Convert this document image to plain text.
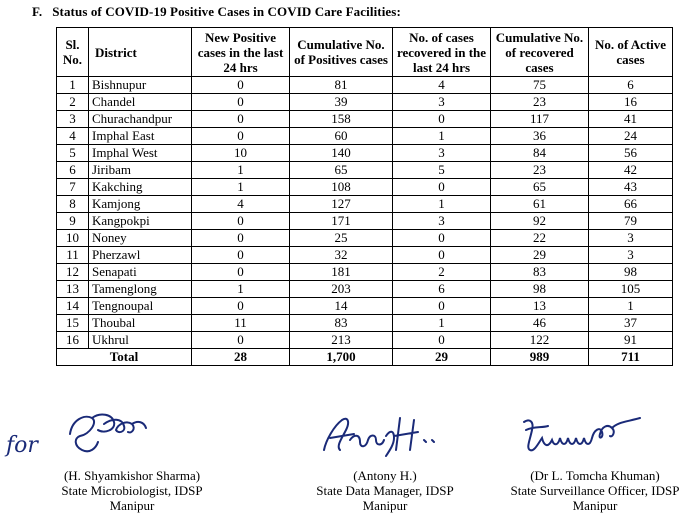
F. Status of COVID-19 Positive Cases in COVID Care Facilities:
Sl. No.	District	New Positive cases in the last 24 hrs	Cumulative No. of Positives cases	No. of cases recovered in the last 24 hrs	Cumulative No. of recovered cases	No. of Active cases
1	Bishnupur	0	81	4	75	6
2	Chandel	0	39	3	23	16
3	Churachandpur	0	158	0	117	41
4	Imphal East	0	60	1	36	24
5	Imphal West	10	140	3	84	56
6	Jiribam	1	65	5	23	42
7	Kakching	1	108	0	65	43
8	Kamjong	4	127	1	61	66
9	Kangpokpi	0	171	3	92	79
10	Noney	0	25	0	22	3
11	Pherzawl	0	32	0	29	3
12	Senapati	0	181	2	83	98
13	Tamenglong	1	203	6	98	105
14	Tengnoupal	0	14	0	13	1
15	Thoubal	11	83	1	46	37
16	Ukhrul	0	213	0	122	91
Total		28	1,700	29	989	711
for
(H. Shyamkishor Sharma)
State Microbiologist, IDSP
Manipur
(Antony H.)
State Data Manager, IDSP
Manipur
(Dr L. Tomcha Khuman)
State Surveillance Officer, IDSP
Manipur
